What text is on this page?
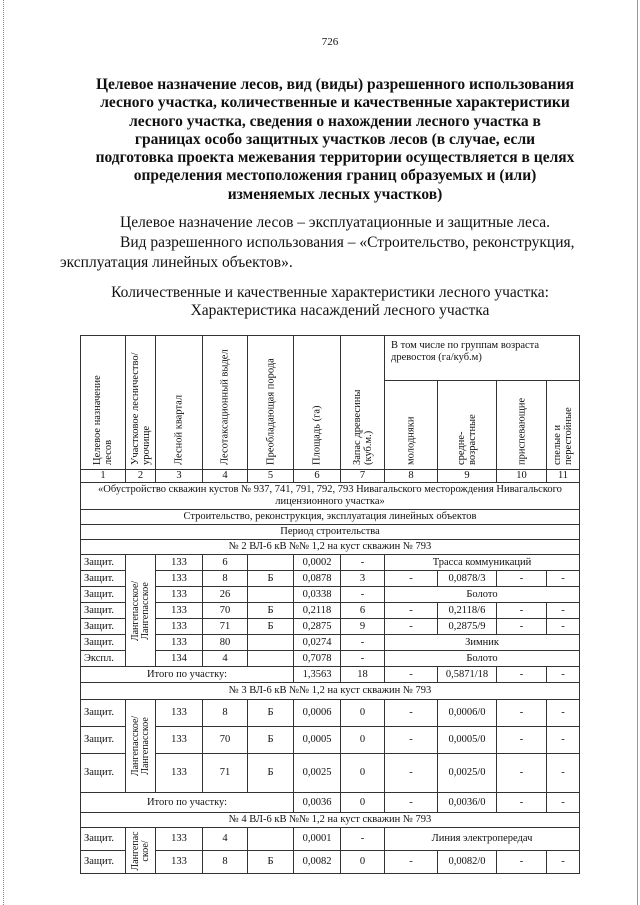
726
Целевое назначение лесов, вид (виды) разрешенного использования лесного участка, количественные и качественные характеристики лесного участка, сведения о нахождении лесного участка в границах особо защитных участков лесов (в случае, если подготовка проекта межевания территории осуществляется в целях определения местоположения границ образуемых и (или) изменяемых лесных участков)
Целевое назначение лесов – эксплуатационные и защитные леса.
Вид разрешенного использования – «Строительство, реконструкция,
эксплуатация линейных объектов».
Количественные и качественные характеристики лесного участка:
Характеристика насаждений лесного участка
Целевое назначение лесов	Участковое лесничество/урочище	Лесной квартал	Лесотаксационный выдел	Преобладающая порода	Площадь (га)	Запас древесины (куб.м.)	В том числе по группам возраста древостоя (га/куб.м)			

							молодняки	средне-возрастные	приспевающие	спелые и перестойные

1	2	3	4	5	6	7	8	9	10	11
«Обустройство скважин кустов № 937, 741, 791, 792, 793 Нивагальского месторождения Нивагальского лицензионного участка»										
Строительство, реконструкция, эксплуатация линейных объектов										
Период строительства										
№ 2 ВЛ-6 кВ №№ 1,2 на куст скважин № 793										
Защит.	Лангепасское/ Лангепасское	133	6		0,0002	-	Трасса коммуникаций			
Защит.		133	8	Б	0,0878	3	-	0,0878/3	-	-
Защит.		133	26		0,0338	-	Болото			
Защит.		133	70	Б	0,2118	6	-	0,2118/6	-	-
Защит.		133	71	Б	0,2875	9	-	0,2875/9	-	-
Защит.		133	80		0,0274	-	Зимник			
Экспл.		134	4		0,7078	-	Болото			
Итого по участку:					1,3563	18	-	0,5871/18	-	-
№ 3 ВЛ-6 кВ №№ 1,2 на куст скважин № 793										
Защит.	Лангепасское/ Лангепасское	133	8	Б	0,0006	0	-	0,0006/0	-	-
Защит.		133	70	Б	0,0005	0	-	0,0005/0	-	-
Защит.		133	71	Б	0,0025	0	-	0,0025/0	-	-
Итого по участку:					0,0036	0	-	0,0036/0	-	-
№ 4 ВЛ-6 кВ №№ 1,2 на куст скважин № 793										
Защит.	Лангепас ское/	133	4		0,0001	-	Линия электропередач			
Защит.		133	8	Б	0,0082	0	-	0,0082/0	-	-
